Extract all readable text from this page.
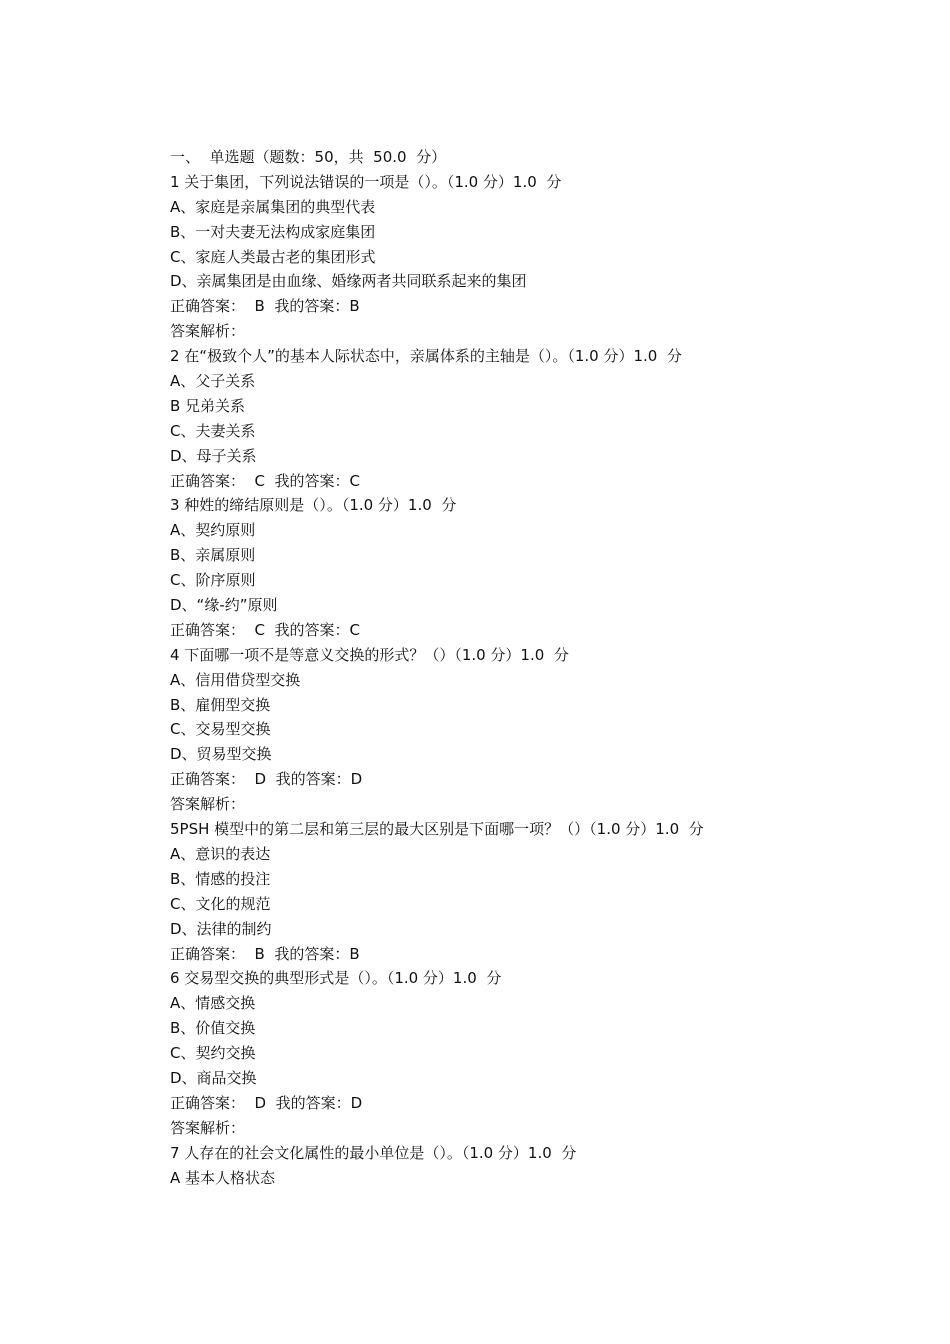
一、  单选题（题数：50，共  50.0  分）
1 关于集团，下列说法错误的一项是（）。（1.0 分）1.0  分
A、家庭是亲属集团的典型代表
B、一对夫妻无法构成家庭集团
C、家庭人类最古老的集团形式
D、亲属集团是由血缘、婚缘两者共同联系起来的集团
正确答案：  B  我的答案：B
答案解析：
2 在“极致个人”的基本人际状态中，亲属体系的主轴是（）。（1.0 分）1.0  分
A、父子关系
B 兄弟关系
C、夫妻关系
D、母子关系
正确答案：  C  我的答案：C
3 种姓的缔结原则是（）。（1.0 分）1.0  分
A、契约原则
B、亲属原则
C、阶序原则
D、“缘-约”原则
正确答案：  C  我的答案：C
4 下面哪一项不是等意义交换的形式？（）（1.0 分）1.0  分
A、信用借贷型交换
B、雇佣型交换
C、交易型交换
D、贸易型交换
正确答案：  D  我的答案：D
答案解析：
5PSH 模型中的第二层和第三层的最大区别是下面哪一项？（）（1.0 分）1.0  分
A、意识的表达
B、情感的投注
C、文化的规范
D、法律的制约
正确答案：  B  我的答案：B
6 交易型交换的典型形式是（）。（1.0 分）1.0  分
A、情感交换
B、价值交换
C、契约交换
D、商品交换
正确答案：  D  我的答案：D
答案解析：
7 人存在的社会文化属性的最小单位是（）。（1.0 分）1.0  分
A 基本人格状态
